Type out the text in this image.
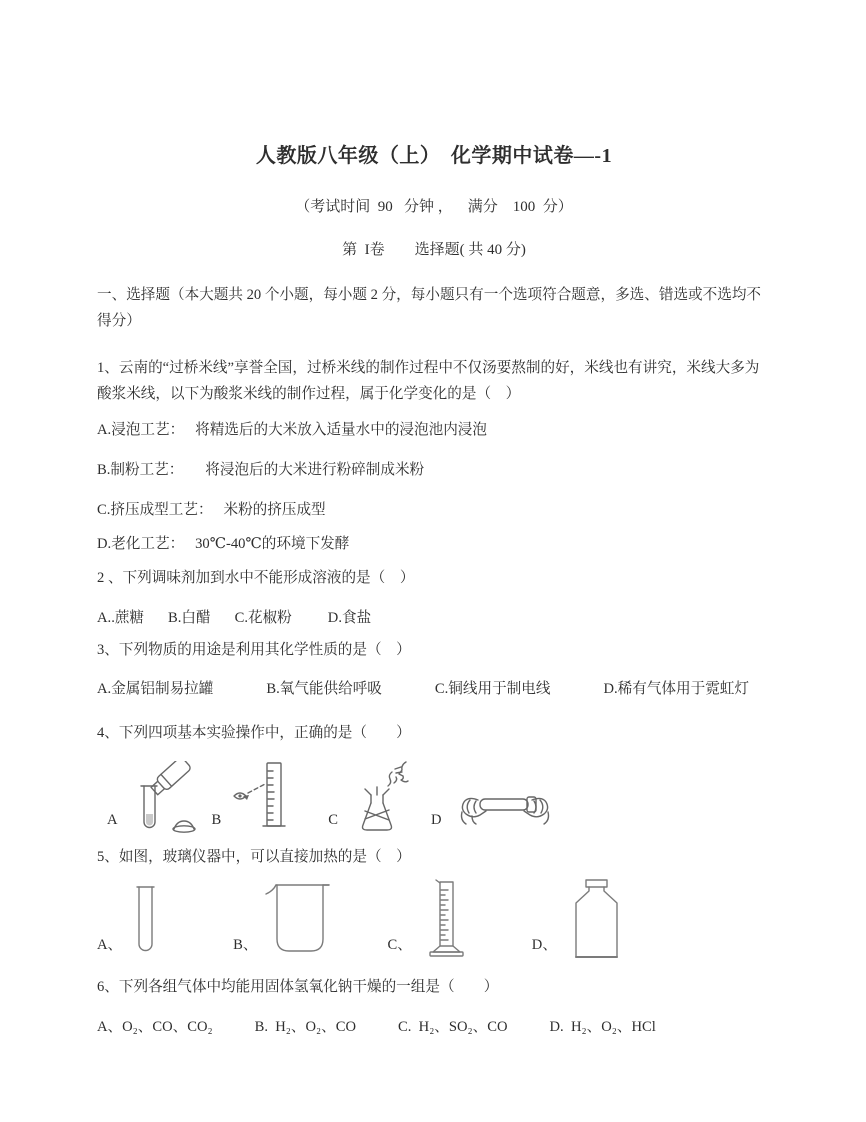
人教版八年级（上）　化学期中试卷—-1

（考试时间  90   分钟 ，    满分    100  分）

第  I卷　　选择题( 共 40 分)

一、选择题（本大题共 20 个小题，每小题 2 分，每小题只有一个选项符合题意，多选、错选或不选均不得分）

1、云南的“过桥米线”享誉全国，过桥米线的制作过程中不仅汤要熬制的好，米线也有讲究，米线大多为酸浆米线，以下为酸浆米线的制作过程，属于化学变化的是（　）

A.浸泡工艺：　 将精选后的大米放入适量水中的浸泡池内浸泡

B.制粉工艺：　　将浸泡后的大米进行粉碎制成米粉

C.挤压成型工艺：　 米粉的挤压成型

D.老化工艺：　 30℃-40℃的环境下发酵

2 、下列调味剂加到水中不能形成溶液的是（　）

A..蔗糖 B.白醋 C.花椒粉 D.食盐

3、下列物质的用途是利用其化学性质的是（　）

A.金属铝制易拉罐	B.氧气能供给呼吸	C.铜线用于制电线	D.稀有气体用于霓虹灯

4、下列四项基本实验操作中，正确的是（　　）

A	B	C	D

5、如图，玻璃仪器中，可以直接加热的是（　）

A、	B、	C、	D、

6、下列各组气体中均能用固体氢氧化钠干燥的一组是（　　）

A、O₂、CO、CO₂	B.  H₂、O₂、CO	C.  H₂、SO₂、CO	D.  H₂、O₂、HCl
